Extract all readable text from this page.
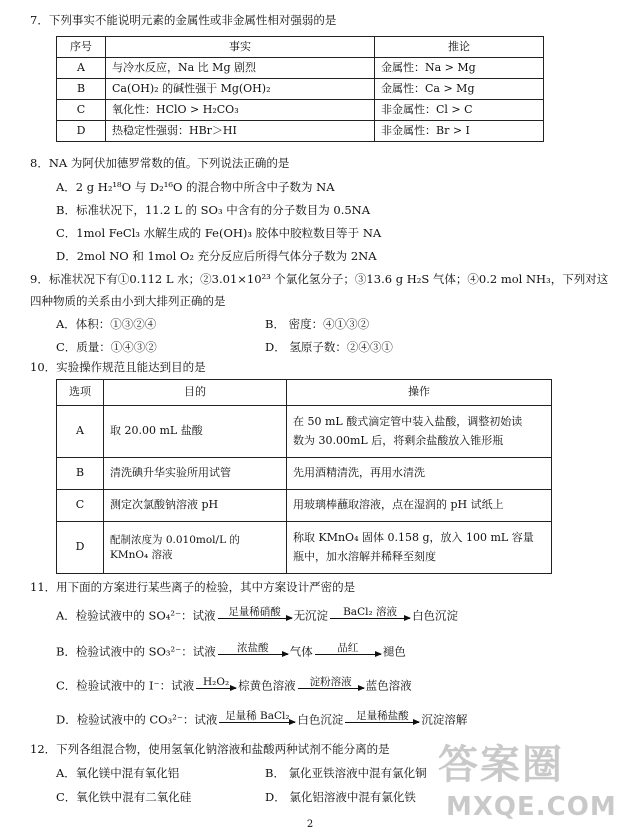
7．下列事实不能说明元素的金属性或非金属性相对强弱的是
序号	事实	推论
A	与冷水反应，Na 比 Mg 剧烈	金属性：Na > Mg
B	Ca(OH)₂ 的碱性强于 Mg(OH)₂	金属性：Ca > Mg
C	氧化性：HClO > H₂CO₃	非金属性：Cl > C
D	热稳定性强弱：HBr＞HI	非金属性：Br > I
8．NA 为阿伏加德罗常数的值。下列说法正确的是
A．2 g H₂¹⁸O 与 D₂¹⁶O 的混合物中所含中子数为 NA
B．标准状况下，11.2 L 的 SO₃ 中含有的分子数目为 0.5NA
C．1mol FeCl₃ 水解生成的 Fe(OH)₃ 胶体中胶粒数目等于 NA
D．2mol NO 和 1mol O₂ 充分反应后所得气体分子数为 2NA
9．标准状况下有①0.112 L 水；②3.01×10²³ 个氯化氢分子；③13.6 g H₂S 气体；④0.2 mol NH₃，下列对这
四种物质的关系由小到大排列正确的是
A．体积：①③②④	B． 密度：④①③②
C．质量：①④③②	D． 氢原子数：②④③①
10．实验操作规范且能达到目的是
选项	目的	操作
A	取 20.00 mL 盐酸	在 50 mL 酸式滴定管中装入盐酸，调整初始读
数为 30.00mL 后，将剩余盐酸放入锥形瓶

B	清洗碘升华实验所用试管	先用酒精清洗，再用水清洗
C	测定次氯酸钠溶液 pH	用玻璃棒蘸取溶液，点在湿润的 pH 试纸上
D	配制浓度为 0.010mol/L 的 KMnO₄ 溶液	称取 KMnO₄ 固体 0.158 g，放入 100 mL 容量
瓶中，加水溶解并稀释至刻度
11．用下面的方案进行某些离子的检验，其中方案设计严密的是
A．检验试液中的 SO₄²⁻：试液	足量稀硝酸	无沉淀	BaCl₂ 溶液	白色沉淀
B．检验试液中的 SO₃²⁻：试液	浓盐酸	气体	品红	褪色
C．检验试液中的 I⁻：试液 H₂O₂ 棕黄色溶液	淀粉溶液	蓝色溶液
D．检验试液中的 CO₃²⁻：试液 足量稀 BaCl₂ 白色沉淀	足量稀盐酸	沉淀溶解
12．下列各组混合物，使用氢氧化钠溶液和盐酸两种试剂不能分离的是
A．氧化镁中混有氧化铝	B． 氯化亚铁溶液中混有氯化铜
C．氧化铁中混有二氧化硅	D． 氯化铝溶液中混有氯化铁
答案圈
MXQE.COM
2
